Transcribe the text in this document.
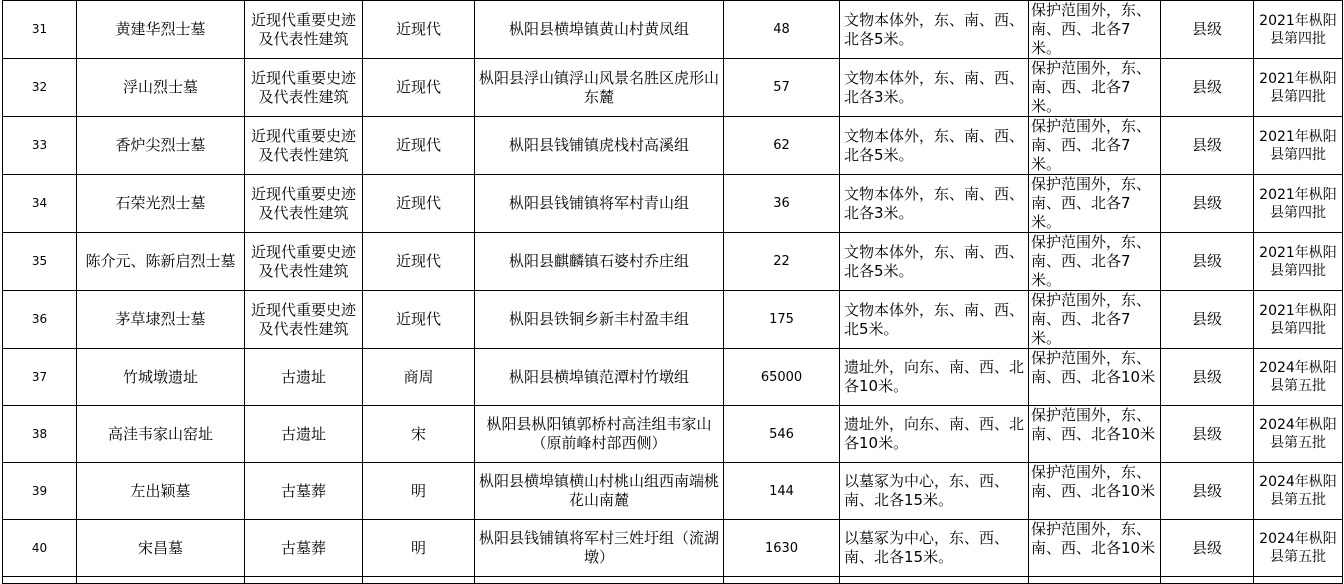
31	黄建华烈士墓	近现代重要史迹及代表性建筑	近现代	枞阳县横埠镇黄山村黄凤组	48	文物本体外，东、南、西、北各5米。	保护范围外，东、南、西、北各7米。	县级	2021年枞阳县第四批
32	浮山烈士墓	近现代重要史迹及代表性建筑	近现代	枞阳县浮山镇浮山风景名胜区虎形山东麓	57	文物本体外，东、南、西、北各3米。	保护范围外，东、南、西、北各7米。	县级	2021年枞阳县第四批
33	香炉尖烈士墓	近现代重要史迹及代表性建筑	近现代	枞阳县钱铺镇虎栈村高溪组	62	文物本体外，东、南、西、北各5米。	保护范围外，东、南、西、北各7米。	县级	2021年枞阳县第四批
34	石荣光烈士墓	近现代重要史迹及代表性建筑	近现代	枞阳县钱铺镇将军村青山组	36	文物本体外，东、南、西、北各3米。	保护范围外，东、南、西、北各7米。	县级	2021年枞阳县第四批
35	陈介元、陈新启烈士墓	近现代重要史迹及代表性建筑	近现代	枞阳县麒麟镇石婆村乔庄组	22	文物本体外，东、南、西、北各5米。	保护范围外，东、南、西、北各7米。	县级	2021年枞阳县第四批
36	茅草埭烈士墓	近现代重要史迹及代表性建筑	近现代	枞阳县铁铜乡新丰村盈丰组	175	文物本体外，东、南、西、北5米。	保护范围外，东、南、西、北各7米。	县级	2021年枞阳县第四批
37	竹城墩遗址	古遗址	商周	枞阳县横埠镇范潭村竹墩组	65000	遗址外，向东、南、西、北各10米。	保护范围外，东、南、西、北各10米	县级	2024年枞阳县第五批
38	高洼韦家山窑址	古遗址	宋	枞阳县枞阳镇郭桥村高洼组韦家山（原前峰村部西侧）	546	遗址外，向东、南、西、北各10米。	保护范围外，东、南、西、北各10米	县级	2024年枞阳县第五批
39	左出颖墓	古墓葬	明	枞阳县横埠镇横山村桃山组西南端桃花山南麓	144	以墓冢为中心，东、西、南、北各15米。	保护范围外，东、南、西、北各10米	县级	2024年枞阳县第五批
40	宋昌墓	古墓葬	明	枞阳县钱铺镇将军村三姓圩组（流湖墩）	1630	以墓冢为中心，东、西、南、北各15米。	保护范围外，东、南、西、北各10米	县级	2024年枞阳县第五批
